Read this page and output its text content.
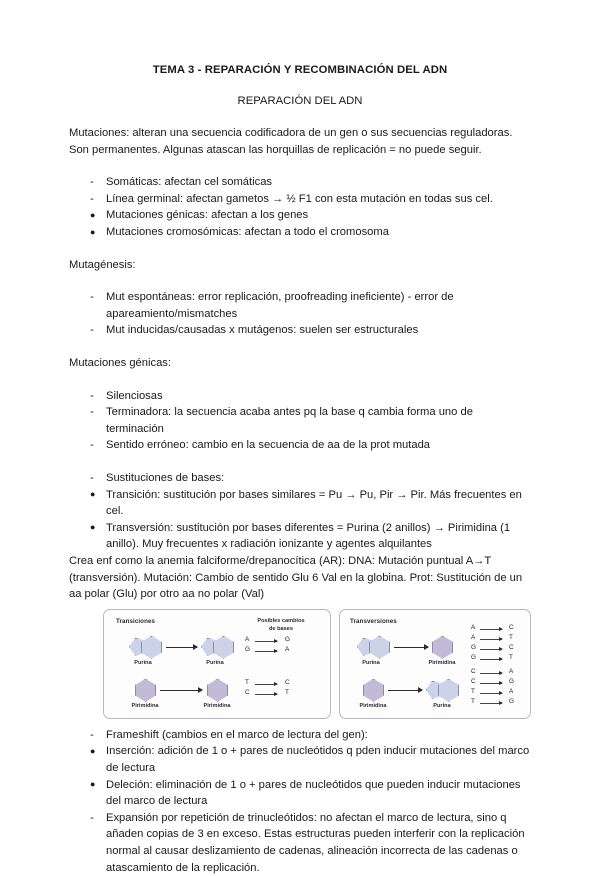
TEMA 3 - REPARACIÓN Y RECOMBINACIÓN DEL ADN
REPARACIÓN DEL ADN

Mutaciones: alteran una secuencia codificadora de un gen o sus secuencias reguladoras. Son permanentes. Algunas atascan las horquillas de replicación = no puede seguir.

- Somáticas: afectan cel somáticas
- Línea germinal: afectan gametos → ½ F1 con esta mutación en todas sus cel.
● Mutaciones génicas: afectan a los genes
● Mutaciones cromosómicas: afectan a todo el cromosoma

Mutagénesis:

- Mut espontáneas: error replicación, proofreading ineficiente) - error de apareamiento/mismatches
- Mut inducidas/causadas x mutágenos: suelen ser estructurales

Mutaciones génicas:

- Silenciosas
- Terminadora: la secuencia acaba antes pq la base q cambia forma uno de terminación
- Sentido erróneo: cambio en la secuencia de aa de la prot mutada
- Sustituciones de bases:
● Transición: sustitución por bases similares = Pu → Pu, Pir → Pir. Más frecuentes en cel.
● Transversión: sustitución por bases diferentes = Purina (2 anillos) → Pirimidina (1 anillo). Muy frecuentes x radiación ionizante y agentes alquilantes

Crea enf como la anemia falciforme/drepanocítica (AR): DNA: Mutación puntual A→T (transversión). Mutación: Cambio de sentido Glu 6 Val en la globina. Prot: Sustitución de un aa polar (Glu) por otro aa no polar (Val)

Transiciones	Posibles cambios
de bases
Purina	Purina
A	G
G	A
Pirimidina	Pirimidina
T	C
C	T
Transversiones
Purina	Pirimidina
A	C
A	T
G	C
G	T
Pirimidina	Purina
C	A
C	G
T	A
T	G
- Frameshift (cambios en el marco de lectura del gen):
● Inserción: adición de 1 o + pares de nucleótidos q pden inducir mutaciones del marco de lectura
● Deleción: eliminación de 1 o + pares de nucleótidos que pueden inducir mutaciones del marco de lectura
- Expansión por repetición de trinucleótidos: no afectan el marco de lectura, sino q añaden copias de 3 en exceso. Estas estructuras pueden interferir con la replicación normal al causar deslizamiento de cadenas, alineación incorrecta de las cadenas o atascamiento de la replicación.
